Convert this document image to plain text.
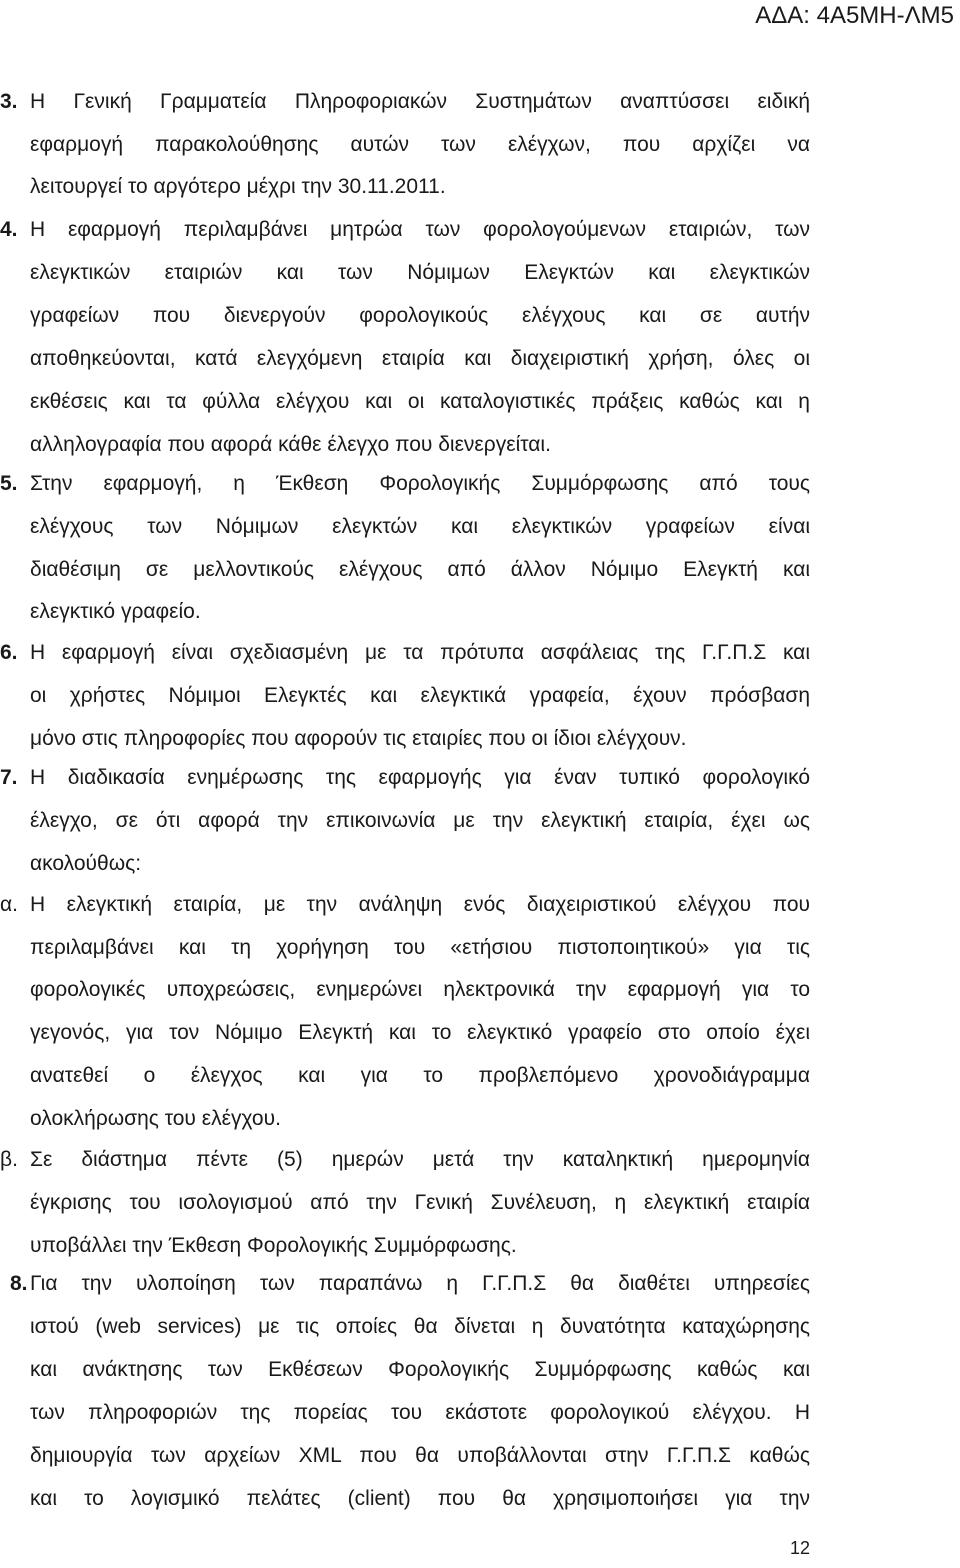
ΑΔΑ: 4Α5ΜΗ-ΛΜ5
3. Η Γενική Γραμματεία Πληροφοριακών Συστημάτων αναπτύσσει ειδική
εφαρμογή παρακολούθησης αυτών των ελέγχων, που αρχίζει να
λειτουργεί το αργότερο μέχρι την 30.11.2011.
4. Η εφαρμογή περιλαμβάνει μητρώα των φορολογούμενων εταιριών, των
ελεγκτικών εταιριών και των Νόμιμων Ελεγκτών και ελεγκτικών
γραφείων που διενεργούν φορολογικούς ελέγχους και σε αυτήν
αποθηκεύονται, κατά ελεγχόμενη εταιρία και διαχειριστική χρήση, όλες οι
εκθέσεις και τα φύλλα ελέγχου και οι καταλογιστικές πράξεις καθώς και η
αλληλογραφία που αφορά κάθε έλεγχο που διενεργείται.
5. Στην εφαρμογή, η Έκθεση Φορολογικής Συμμόρφωσης από τους
ελέγχους των Νόμιμων ελεγκτών και ελεγκτικών γραφείων είναι
διαθέσιμη σε μελλοντικούς ελέγχους από άλλον Νόμιμο Ελεγκτή και
ελεγκτικό γραφείο.
6. Η εφαρμογή είναι σχεδιασμένη με τα πρότυπα ασφάλειας της Γ.Γ.Π.Σ και
οι χρήστες Νόμιμοι Ελεγκτές και ελεγκτικά γραφεία, έχουν πρόσβαση
μόνο στις πληροφορίες που αφορούν τις εταιρίες που οι ίδιοι ελέγχουν.
7. Η διαδικασία ενημέρωσης της εφαρμογής για έναν τυπικό φορολογικό
έλεγχο, σε ότι αφορά την επικοινωνία με την ελεγκτική εταιρία, έχει ως
ακολούθως:
α. Η ελεγκτική εταιρία, με την ανάληψη ενός διαχειριστικού ελέγχου που
περιλαμβάνει και τη χορήγηση του «ετήσιου πιστοποιητικού» για τις
φορολογικές υποχρεώσεις, ενημερώνει ηλεκτρονικά την εφαρμογή για το
γεγονός, για τον Νόμιμο Ελεγκτή και το ελεγκτικό γραφείο στο οποίο έχει
ανατεθεί ο έλεγχος και για το προβλεπόμενο χρονοδιάγραμμα
ολοκλήρωσης του ελέγχου.
β. Σε διάστημα πέντε (5) ημερών μετά την καταληκτική ημερομηνία
έγκρισης του ισολογισμού από την Γενική Συνέλευση, η ελεγκτική εταιρία
υποβάλλει την Έκθεση Φορολογικής Συμμόρφωσης.
8. Για την υλοποίηση των παραπάνω η Γ.Γ.Π.Σ θα διαθέτει υπηρεσίες
ιστού (web services) με τις οποίες θα δίνεται η δυνατότητα καταχώρησης
και ανάκτησης των Εκθέσεων Φορολογικής Συμμόρφωσης καθώς και
των πληροφοριών της πορείας του εκάστοτε φορολογικού ελέγχου. Η
δημιουργία των αρχείων XML που θα υποβάλλονται στην Γ.Γ.Π.Σ καθώς
και το λογισμικό πελάτες (client) που θα χρησιμοποιήσει για την
12
